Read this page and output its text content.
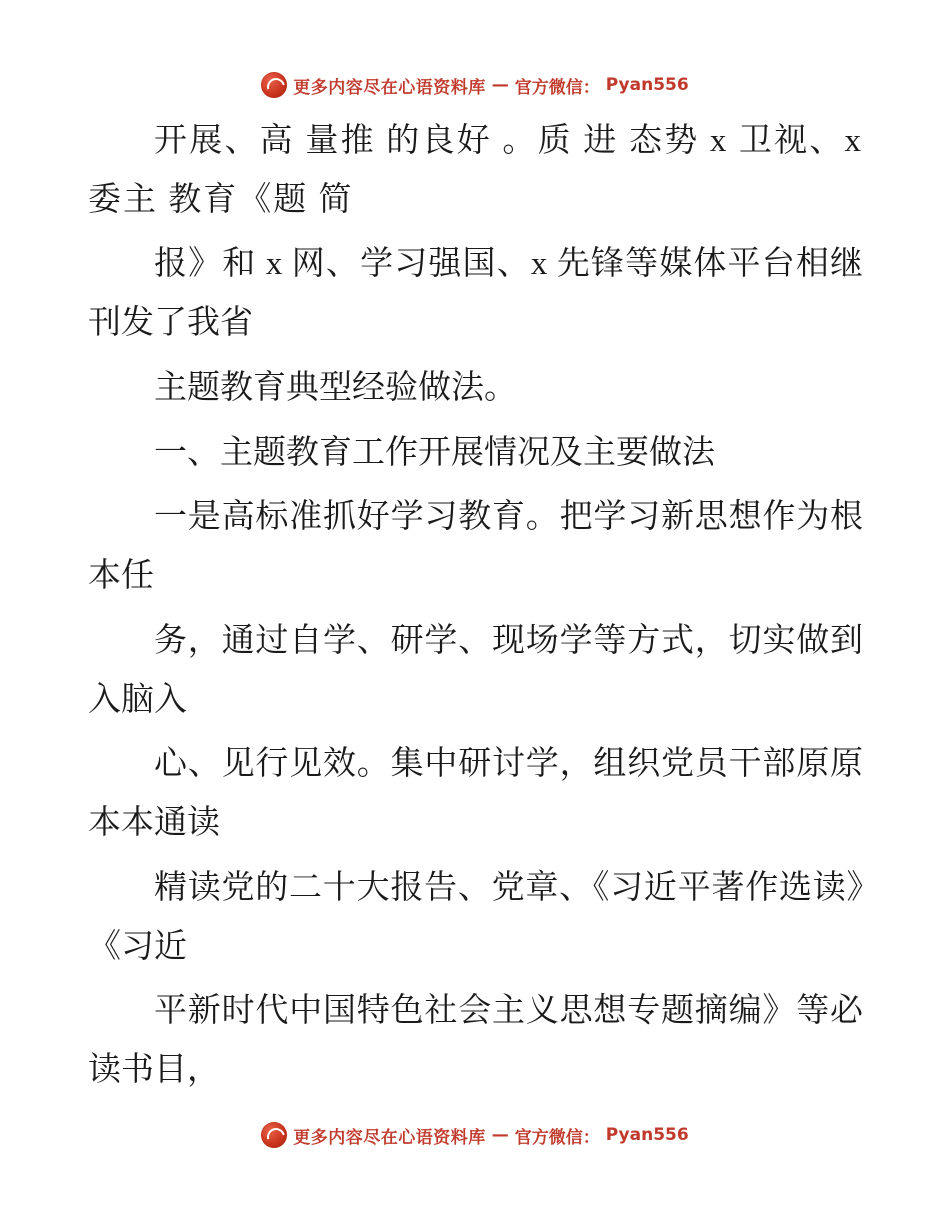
更多内容尽在心语资料库 — 官方微信： Pyan556

开展、高 量推 的良好 。质 进 态势 x 卫视、x 委主 教育《题 简

报》和 x 网、学习强国、x 先锋等媒体平台相继刊发了我省

主题教育典型经验做法。

一、主题教育工作开展情况及主要做法

一是高标准抓好学习教育。把学习新思想作为根本任

务，通过自学、研学、现场学等方式，切实做到入脑入

心、见行见效。集中研讨学，组织党员干部原原本本通读

精读党的二十大报告、党章、《习近平著作选读》《习近

平新时代中国特色社会主义思想专题摘编》等必读书目，

更多内容尽在心语资料库 — 官方微信： Pyan556
